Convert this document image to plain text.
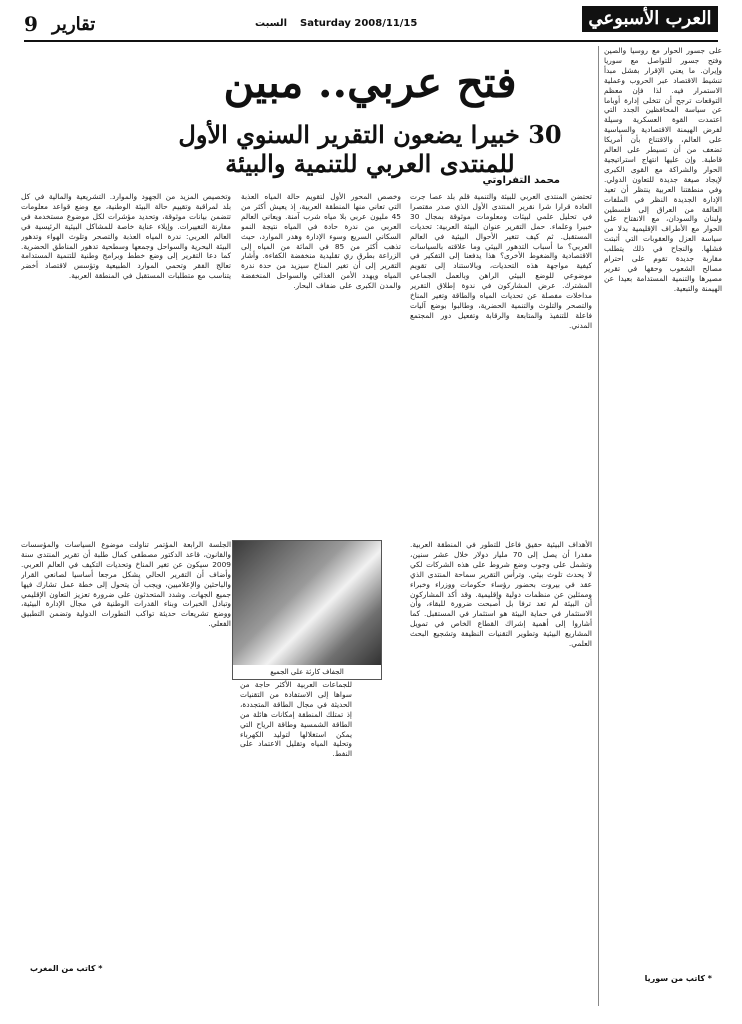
9 تقارير	Saturday 2008/11/15
السبت	العرب الأسبوعي
فتح عربي.. مبين
30 خبيرا يضعون التقرير السنوي الأول للمنتدى العربي للتنمية والبيئة
محمد التفراوتي
على جسور الحوار مع روسيا والصين وفتح جسور للتواصل مع سوريا وإيران. ما يعني الإقرار بفشل مبدأ تنشيط الاقتصاد عبر الحروب وعملية الاستمرار فيه. لذا فإن معظم التوقعات ترجح أن تتخلى إدارة أوباما عن سياسة المحافظين الجدد التي اعتمدت القوة العسكرية وسيلة لفرض الهيمنة الاقتصادية والسياسية على العالم، والاقتناع بأن أمريكا تضعف من أن تسيطر على العالم قاطبة. وإن عليها انتهاج استراتيجية الحوار والشراكة مع القوى الكبرى لإيجاد صيغة جديدة للتعاون الدولي. وفي منطقتنا العربية ينتظر أن تعيد الإدارة الجديدة النظر في الملفات العالقة من العراق إلى فلسطين ولبنان والسودان، مع الانفتاح على الحوار مع الأطراف الإقليمية بدلا من سياسة العزل والعقوبات التي أثبتت فشلها. والنجاح في ذلك يتطلب مقاربة جديدة تقوم على احترام مصالح الشعوب وحقها في تقرير مصيرها والتنمية المستدامة بعيدا عن الهيمنة والتبعية.
تحتضن المنتدى العربي للبيئة والتنمية قلم بلد عصا جرت العادة قرارا شرا نقرير المنتدى الأول الذي صدر مقتصرا في تحليل علمي لبيئات ومعلومات موثوقة بمجال 30 خبيرا وعلماء. حمل التقرير عنوان البيئة العربية: تحديات المستقبل. ثم كيف تتغير الأحوال البيئية في العالم العربي؟ ما أسباب التدهور البيئي وما علاقته بالسياسات الاقتصادية والضغوط الأخرى؟ هذا يدفعنا إلى التفكير في كيفية مواجهة هذه التحديات، وبالاستناد إلى تقويم موضوعي للوضع البيئي الراهن وبالعمل الجماعي المشترك. عرض المشاركون في ندوة إطلاق التقرير مداخلات مفصلة عن تحديات المياه والطاقة وتغير المناخ والتصحر والتلوث والتنمية الحضرية، وطالبوا بوضع آليات فاعلة للتنفيذ والمتابعة والرقابة وتفعيل دور المجتمع المدني.
وخصص المحور الأول لتقويم حالة المياه العذبة التي تعاني منها المنطقة العربية، إذ يعيش أكثر من 45 مليون عربي بلا مياه شرب آمنة. ويعاني العالم العربي من ندرة حادة في المياه نتيجة النمو السكاني السريع وسوء الإدارة وهدر الموارد، حيث تذهب أكثر من 85 في المائة من المياه إلى الزراعة بطرق ري تقليدية منخفضة الكفاءة. وأشار التقرير إلى أن تغير المناخ سيزيد من حدة ندرة المياه ويهدد الأمن الغذائي والسواحل المنخفضة والمدن الكبرى على ضفاف البحار.
وتخصيص المزيد من الجهود والموارد. التشريعية والمالية في كل بلد لمراقبة وتقييم حالة البيئة الوطنية، مع وضع قواعد معلومات تتضمن بيانات موثوقة، وتحديد مؤشرات لكل موضوع مستخدمة في مقارنة التغييرات. وإيلاء عناية خاصة للمشاكل البيئية الرئيسية في العالم العربي: ندرة المياه العذبة والتصحر وتلوث الهواء وتدهور البيئة البحرية والسواحل وجمعها وسطحية تدهور المناطق الحضرية. كما دعا التقرير إلى وضع خطط وبرامج وطنية للتنمية المستدامة تعالج الفقر وتحمي الموارد الطبيعية وتؤسس لاقتصاد أخضر يتناسب مع متطلبات المستقبل في المنطقة العربية.
الجفاف كارثة على الجميع
الأهداف البيئية حقيق فاعل للتطور في المنطقة العربية. مقدرا أن يصل إلى 70 مليار دولار خلال عشر سنين، وتشمل على وجوب وضع شروط على هذه الشركات لكي لا يحدث تلوث بيئي. وترأس التقرير سماحة المنتدى الذي عقد في بيروت بحضور رؤساء حكومات ووزراء وخبراء وممثلين عن منظمات دولية وإقليمية. وقد أكد المشاركون أن البيئة لم تعد ترفا بل أصبحت ضرورة للبقاء، وأن الاستثمار في حماية البيئة هو استثمار في المستقبل. كما أشاروا إلى أهمية إشراك القطاع الخاص في تمويل المشاريع البيئية وتطوير التقنيات النظيفة وتشجيع البحث العلمي.
للجماعات العربية الأكثر حاجة من سواها إلى الاستفادة من التقنيات الحديثة في مجال الطاقة المتجددة، إذ تمتلك المنطقة إمكانات هائلة من الطاقة الشمسية وطاقة الرياح التي يمكن استغلالها لتوليد الكهرباء وتحلية المياه وتقليل الاعتماد على النفط.
الجلسة الرابعة المؤتمر تناولت موضوع السياسات والمؤسسات والقانون، قاعد الدكتور مصطفى كمال طلبة أن تقرير المنتدى سنة 2009 سيكون عن تغير المناخ وتحديات التكيف في العالم العربي. وأضاف أن التقرير الحالي يشكل مرجعا أساسيا لصانعي القرار والباحثين والإعلاميين، ويجب أن يتحول إلى خطة عمل تشارك فيها جميع الجهات. وشدد المتحدثون على ضرورة تعزيز التعاون الإقليمي وتبادل الخبرات وبناء القدرات الوطنية في مجال الإدارة البيئية، ووضع تشريعات حديثة تواكب التطورات الدولية وتضمن التطبيق الفعلي.
* كاتب من المغرب
* كاتب من سوريا
